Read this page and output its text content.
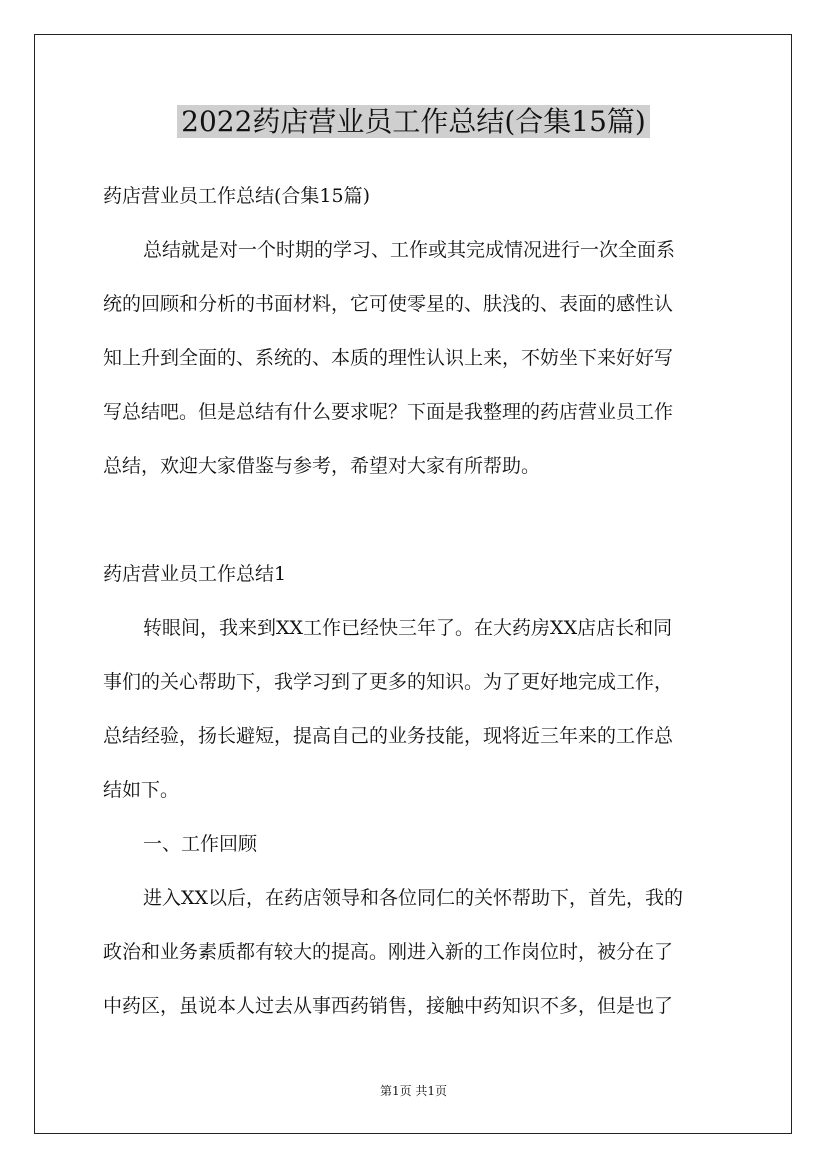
2022药店营业员工作总结(合集15篇)
药店营业员工作总结(合集15篇)
总结就是对一个时期的学习、工作或其完成情况进行一次全面系
统的回顾和分析的书面材料，它可使零星的、肤浅的、表面的感性认
知上升到全面的、系统的、本质的理性认识上来，不妨坐下来好好写
写总结吧。但是总结有什么要求呢？下面是我整理的药店营业员工作
总结，欢迎大家借鉴与参考，希望对大家有所帮助。
药店营业员工作总结1
转眼间，我来到XX工作已经快三年了。在大药房XX店店长和同
事们的关心帮助下，我学习到了更多的知识。为了更好地完成工作，
总结经验，扬长避短，提高自己的业务技能，现将近三年来的工作总
结如下。
一、工作回顾
进入XX以后，在药店领导和各位同仁的关怀帮助下，首先，我的
政治和业务素质都有较大的提高。刚进入新的工作岗位时，被分在了
中药区，虽说本人过去从事西药销售，接触中药知识不多，但是也了
第1页 共1页
